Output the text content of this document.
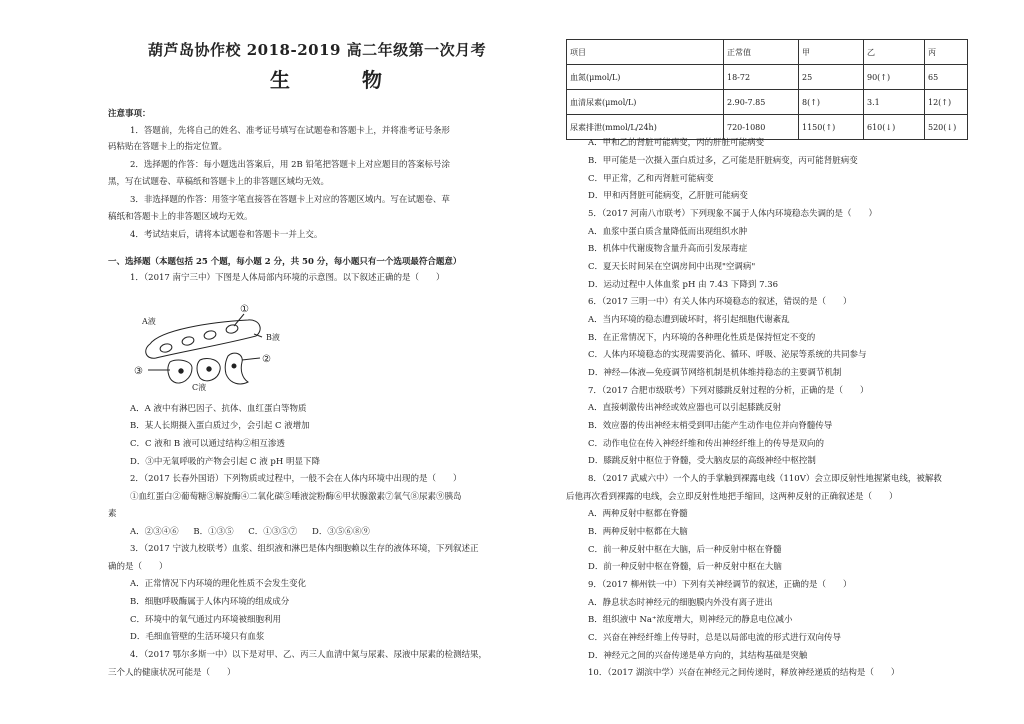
葫芦岛协作校 2018-2019 高二年级第一次月考
生　物
注意事项：
1．答题前，先将自己的姓名、准考证号填写在试题卷和答题卡上，并将准考证号条形
码粘贴在答题卡上的指定位置。
2．选择题的作答：每小题选出答案后，用 2B 铅笔把答题卡上对应题目的答案标号涂
黑，写在试题卷、草稿纸和答题卡上的非答题区域均无效。
3．非选择题的作答：用签字笔直接答在答题卡上对应的答题区域内。写在试题卷、草
稿纸和答题卡上的非答题区域均无效。
4．考试结束后，请将本试题卷和答题卡一并上交。
一、选择题（本题包括 25 个题，每小题 2 分，共 50 分，每小题只有一个选项最符合题意）
1．（2017 南宁三中）下图是人体局部内环境的示意图。以下叙述正确的是（　　）
A液
B液
C液
①
②
③
A．A 液中有淋巴因子、抗体、血红蛋白等物质
B．某人长期摄入蛋白质过少，会引起 C 液增加
C．C 液和 B 液可以通过结构②相互渗透
D．③中无氧呼吸的产物会引起 C 液 pH 明显下降
2．（2017 长春外国语）下列物质或过程中，一般不会在人体内环境中出现的是（　　）
①血红蛋白②葡萄糖③解旋酶④二氧化碳⑤唾液淀粉酶⑥甲状腺激素⑦氧气⑧尿素⑨胰岛
素
A．②③④⑥ B．①③⑤ C．①③⑤⑦ D．③⑤⑥⑧⑨
3．（2017 宁波九校联考）血浆、组织液和淋巴是体内细胞赖以生存的液体环境，下列叙述正
确的是（　　）
A．正常情况下内环境的理化性质不会发生变化
B．细胞呼吸酶属于人体内环境的组成成分
C．环境中的氧气通过内环境被细胞利用
D．毛细血管壁的生活环境只有血浆
4．（2017 鄂尔多斯一中）以下是对甲、乙、丙三人血清中氮与尿素、尿液中尿素的检测结果，
三个人的健康状况可能是（　　）
项目	正常值	甲	乙	丙
血氮(μmol/L)	18-72	25	90(↑)	65
血清尿素(μmol/L)	2.90-7.85	8(↑)	3.1	12(↑)
尿素排泄(mmol/L/24h)	720-1080	1150(↑)	610(↓)	520(↓)
A．甲和乙的肾脏可能病变，丙的肝脏可能病变
B．甲可能是一次摄入蛋白质过多，乙可能是肝脏病变，丙可能肾脏病变
C．甲正常，乙和丙肾脏可能病变
D．甲和丙肾脏可能病变，乙肝脏可能病变
5．（2017 河南八市联考）下列现象不属于人体内环境稳态失调的是（　　）
A．血浆中蛋白质含量降低而出现组织水肿
B．机体中代谢废物含量升高而引发尿毒症
C．夏天长时间呆在空调房间中出现"空调病"
D．运动过程中人体血浆 pH 由 7.43 下降到 7.36
6．（2017 三明一中）有关人体内环境稳态的叙述，错误的是（　　）
A．当内环境的稳态遭到破坏时，将引起细胞代谢紊乱
B．在正常情况下，内环境的各种理化性质是保持恒定不变的
C．人体内环境稳态的实现需要消化、循环、呼吸、泌尿等系统的共同参与
D．神经—体液—免疫调节网络机制是机体维持稳态的主要调节机制
7．（2017 合肥市级联考）下列对膝跳反射过程的分析，正确的是（　　）
A．直接刺激传出神经或效应器也可以引起膝跳反射
B．效应器的传出神经末梢受到叩击能产生动作电位并向脊髓传导
C．动作电位在传入神经纤维和传出神经纤维上的传导是双向的
D．膝跳反射中枢位于脊髓，受大脑皮层的高级神经中枢控制
8．（2017 武威六中）一个人的手掌触到裸露电线（110V）会立即反射性地握紧电线，被解救
后他再次看到裸露的电线，会立即反射性地把手缩回，这两种反射的正确叙述是（　　）
A．两种反射中枢都在脊髓
B．两种反射中枢都在大脑
C．前一种反射中枢在大脑，后一种反射中枢在脊髓
D．前一种反射中枢在脊髓，后一种反射中枢在大脑
9．（2017 柳州铁一中）下列有关神经调节的叙述，正确的是（　　）
A．静息状态时神经元的细胞膜内外没有离子进出
B．组织液中 Na⁺浓度增大，则神经元的静息电位减小
C．兴奋在神经纤维上传导时，总是以局部电流的形式进行双向传导
D．神经元之间的兴奋传递是单方向的，其结构基础是突触
10．（2017 湖滨中学）兴奋在神经元之间传递时，释放神经递质的结构是（　　）
